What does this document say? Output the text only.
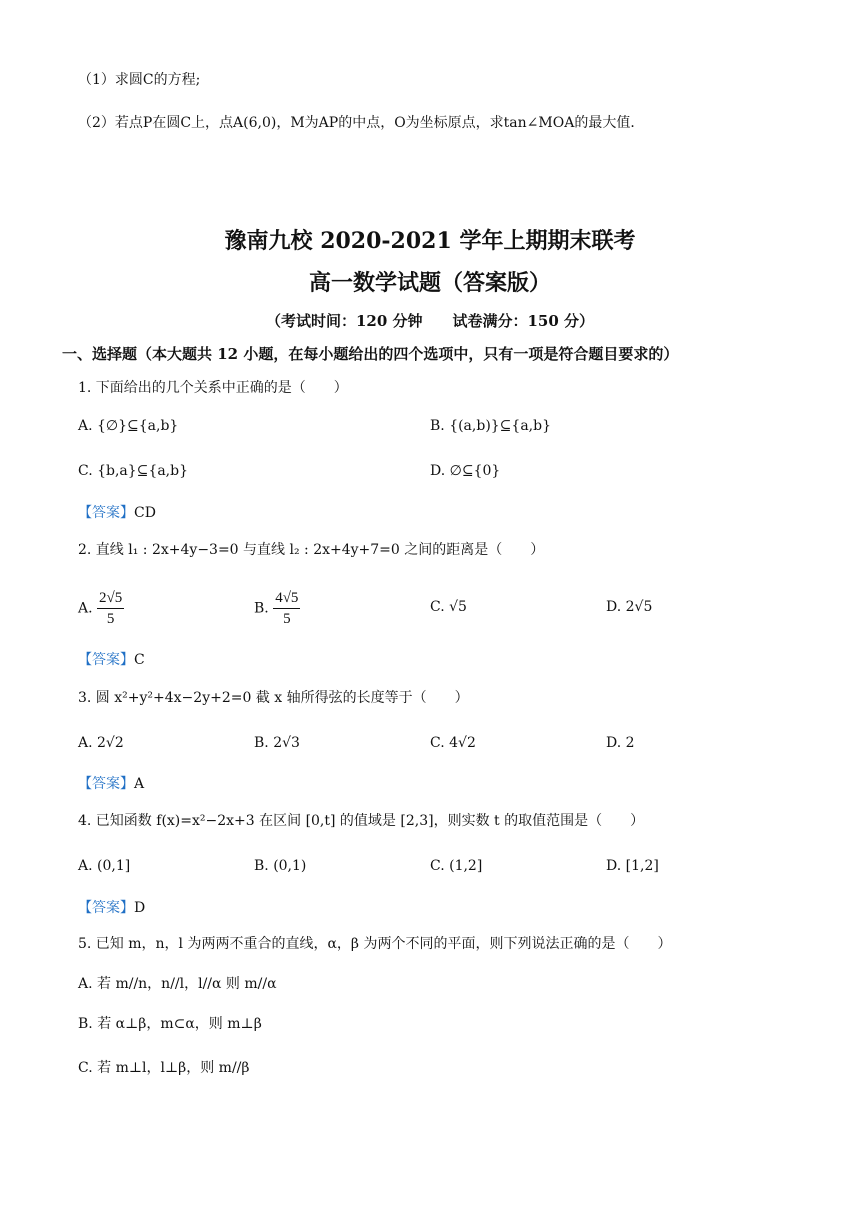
（1）求圆C的方程;
（2）若点P在圆C上，点A(6,0)，M为AP的中点，O为坐标原点，求tan∠MOA的最大值．
豫南九校 2020-2021 学年上期期末联考
高一数学试题（答案版）
（考试时间：120 分钟　　试卷满分：150 分）
一、选择题（本大题共 12 小题，在每小题给出的四个选项中，只有一项是符合题目要求的）
1. 下面给出的几个关系中正确的是（　　）
A. {∅}⊆{a,b}	B. {(a,b)}⊆{a,b}
C. {b,a}⊆{a,b}	D. ∅⊆{0}
【答案】CD
2. 直线 l₁ : 2x+4y−3=0 与直线 l₂ : 2x+4y+7=0 之间的距离是（　　）
A. $\frac{2√5}{5}$	B. $\frac{4√5}{5}$	C. √5	D. 2√5
【答案】C
3. 圆 x²+y²+4x−2y+2=0 截 x 轴所得弦的长度等于（　　）
A. 2√2	B. 2√3	C. 4√2	D. 2
【答案】A
4. 已知函数 f(x)=x²−2x+3 在区间 [0,t] 的值域是 [2,3]，则实数 t 的取值范围是（　　）
A. (0,1]	B. (0,1)	C. (1,2]	D. [1,2]
【答案】D
5. 已知 m，n，l 为两两不重合的直线，α，β 为两个不同的平面，则下列说法正确的是（　　）
A. 若 m//n，n//l，l//α 则 m//α
B. 若 α⊥β，m⊂α，则 m⊥β
C. 若 m⊥l，l⊥β，则 m//β
